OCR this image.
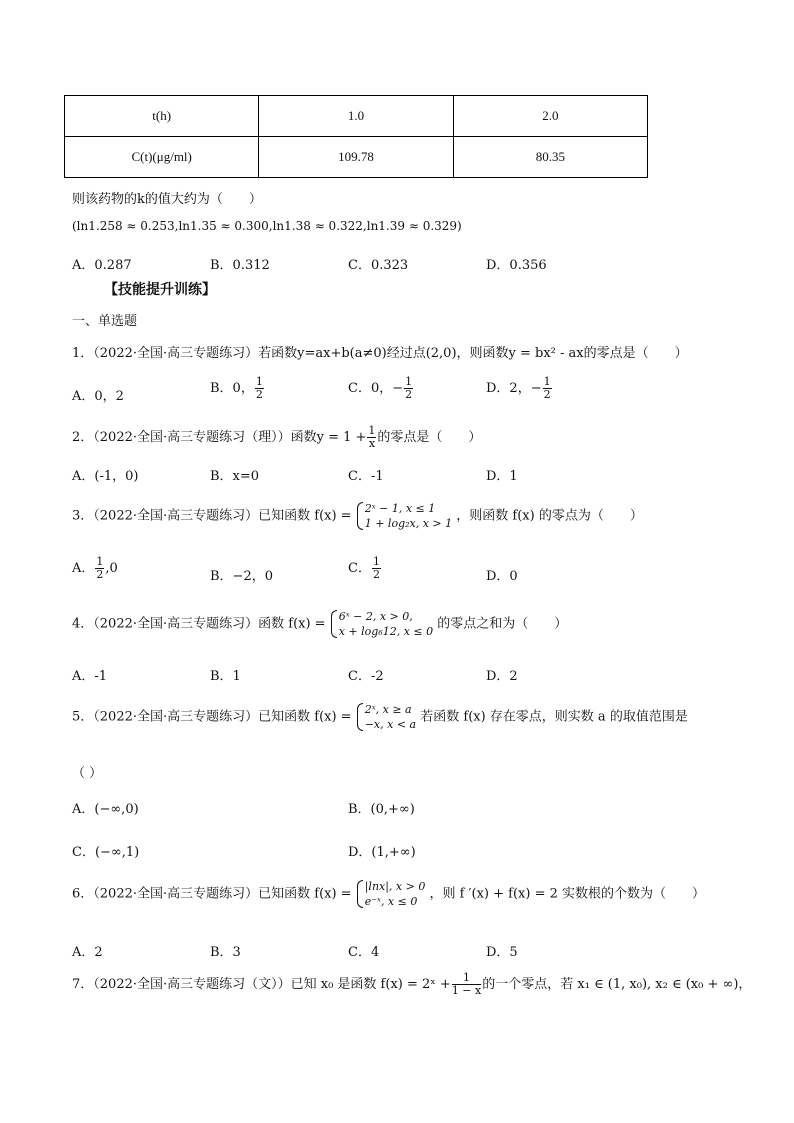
t(h)	1.0	2.0
C(t)(μg/ml)	109.78	80.35
则该药物的k的值大约为（　　）
(ln1.258 ≈ 0.253,ln1.35 ≈ 0.300,ln1.38 ≈ 0.322,ln1.39 ≈ 0.329)
A．0.287	B．0.312	C．0.323	D．0.356
【技能提升训练】
一、单选题
1．（2022·全国·高三专题练习）若函数y=ax+b(a≠0)经过点(2,0)，则函数y = bx² - ax的零点是（　　）
A．0，2
B．0， $\frac{1}{2}$	C．0，− $\frac{1}{2}$	D．2，− $\frac{1}{2}$
2．（2022·全国·高三专题练习（理））函数$y = 1 + \frac{1}{x}$ 的零点是（　　）
A．(-1，0)	B．x=0	C．-1	D．1
3．（2022·全国·高三专题练习）已知函数 f(x) = 2ˣ − 1, x ≤ 1
1 + log₂x, x > 1 ，则函数 f(x) 的零点为（　　）
A． $\frac{1}{2} ,0$
B．−2，0
C． $\frac{1}{2}$	D．0
4．（2022·全国·高三专题练习）函数 f(x) = 6ˣ − 2, x > 0,
x + log₆12, x ≤ 0 的零点之和为（　　）
A．-1	B．1	C．-2	D．2
5．（2022·全国·高三专题练习）已知函数 f(x) = 2ˣ, x ≥ a
−x, x < a 若函数 f(x) 存在零点，则实数 a 的取值范围是
（ ）
A．(−∞,0)	B．(0,+∞)
C．(−∞,1)	D．(1,+∞)
6．（2022·全国·高三专题练习）已知函数 f(x) = |lnx|, x > 0
e⁻ˣ, x ≤ 0 ，则 f ′(x) + f(x) = 2 实数根的个数为（　　）
A．2	B．3	C．4	D．5
7．（2022·全国·高三专题练习（文））已知 x₀ 是函数 f(x) = 2ˣ + $\frac{1}{1 - x}$ 的一个零点，若 x₁ ∈ (1, x₀), x₂ ∈ (x₀ + ∞)，
